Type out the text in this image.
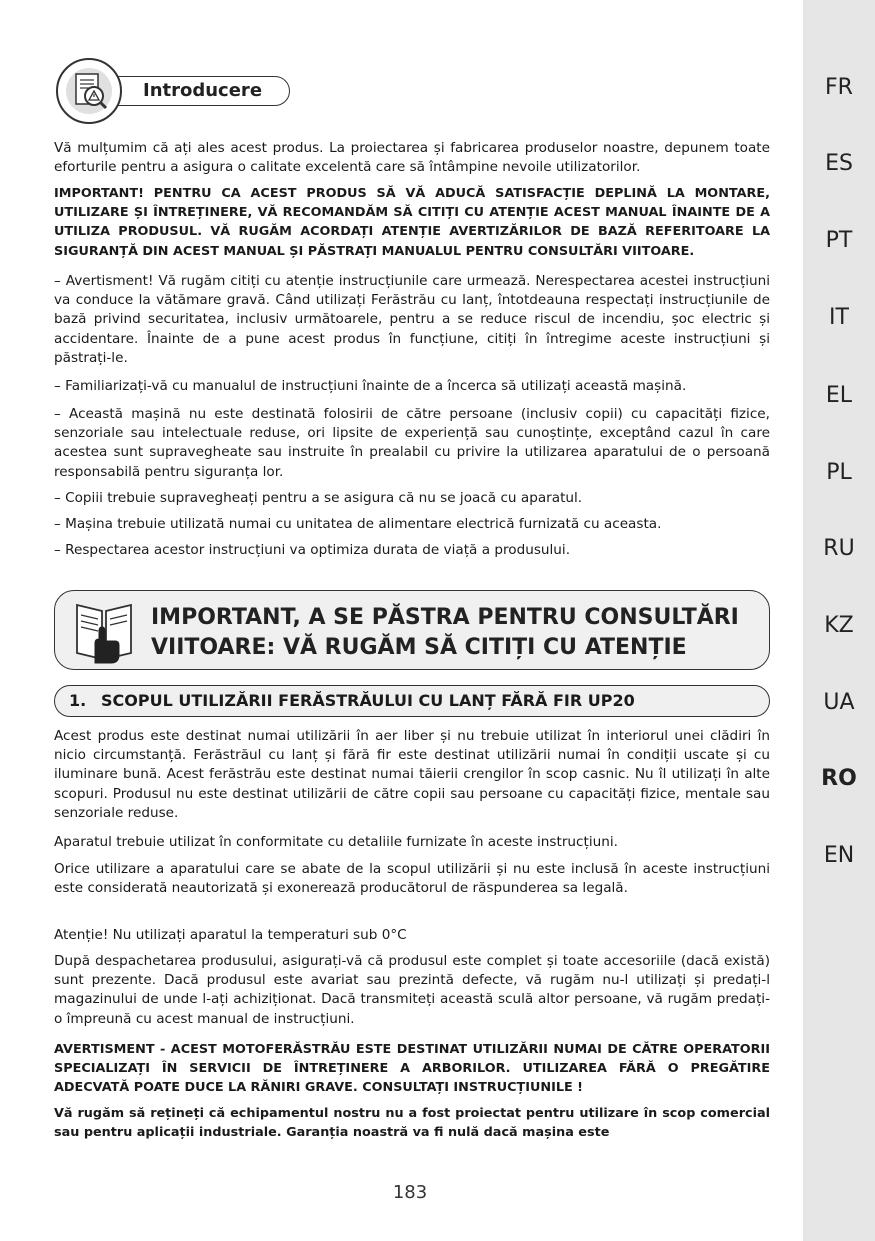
FR
ES
PT
IT
EL
PL
RU
KZ
UA
RO
EN
Introducere

Vă mulțumim că ați ales acest produs. La proiectarea și fabricarea produselor noastre, depunem toate eforturile pentru a asigura o calitate excelentă care să întâmpine nevoile utilizatorilor.

IMPORTANT! PENTRU CA ACEST PRODUS SĂ VĂ ADUCĂ SATISFACȚIE DEPLINĂ LA MONTARE, UTILIZARE ȘI ÎNTREȚINERE, VĂ RECOMANDĂM SĂ CITIȚI CU ATENȚIE ACEST MANUAL ÎNAINTE DE A UTILIZA PRODUSUL. VĂ RUGĂM ACORDAȚI ATENȚIE AVERTIZĂRILOR DE BAZĂ REFERITOARE LA SIGURANȚĂ DIN ACEST MANUAL ȘI PĂSTRAȚI MANUALUL PENTRU CONSULTĂRI VIITOARE.

– Avertisment! Vă rugăm citiți cu atenție instrucțiunile care urmează. Nerespectarea acestei instrucțiuni va conduce la vătămare gravă. Când utilizați Ferăstrău cu lanț, întotdeauna respectați instrucțiunile de bază privind securitatea, inclusiv următoarele, pentru a se reduce riscul de incendiu, șoc electric și accidentare. Înainte de a pune acest produs în funcțiune, citiți în întregime aceste instrucțiuni și păstrați-le.

– Familiarizați-vă cu manualul de instrucțiuni înainte de a încerca să utilizați această mașină.

– Această mașină nu este destinată folosirii de către persoane (inclusiv copii) cu capacități fizice, senzoriale sau intelectuale reduse, ori lipsite de experiență sau cunoștințe, exceptând cazul în care acestea sunt supravegheate sau instruite în prealabil cu privire la utilizarea aparatului de o persoană responsabilă pentru siguranța lor.

– Copiii trebuie supravegheați pentru a se asigura că nu se joacă cu aparatul.

– Mașina trebuie utilizată numai cu unitatea de alimentare electrică furnizată cu aceasta.

– Respectarea acestor instrucțiuni va optimiza durata de viață a produsului.

IMPORTANT, A SE PĂSTRA PENTRU CONSULTĂRI
VIITOARE: VĂ RUGĂM SĂ CITIȚI CU ATENȚIE
1. SCOPUL UTILIZĂRII FERĂSTRĂULUI CU LANȚ FĂRĂ FIR UP20

Acest produs este destinat numai utilizării în aer liber și nu trebuie utilizat în interiorul unei clădiri în nicio circumstanță. Ferăstrăul cu lanț și fără fir este destinat utilizării numai în condiții uscate și cu iluminare bună. Acest ferăstrău este destinat numai tăierii crengilor în scop casnic. Nu îl utilizați în alte scopuri. Produsul nu este destinat utilizării de către copii sau persoane cu capacități fizice, mentale sau senzoriale reduse.

Aparatul trebuie utilizat în conformitate cu detaliile furnizate în aceste instrucțiuni.

Orice utilizare a aparatului care se abate de la scopul utilizării și nu este inclusă în aceste instrucțiuni este considerată neautorizată și exonerează producătorul de răspunderea sa legală.

Atenție! Nu utilizați aparatul la temperaturi sub 0°C

După despachetarea produsului, asigurați-vă că produsul este complet și toate accesoriile (dacă există) sunt prezente. Dacă produsul este avariat sau prezintă defecte, vă rugăm nu-l utilizați și predați-l magazinului de unde l-ați achiziționat. Dacă transmiteți această sculă altor persoane, vă rugăm predați-o împreună cu acest manual de instrucțiuni.

AVERTISMENT - ACEST MOTOFERĂSTRĂU ESTE DESTINAT UTILIZĂRII NUMAI DE CĂTRE OPERATORII SPECIALIZAȚI ÎN SERVICII DE ÎNTREȚINERE A ARBORILOR. UTILIZAREA FĂRĂ O PREGĂTIRE ADECVATĂ POATE DUCE LA RĂNIRI GRAVE. CONSULTAȚI INSTRUCȚIUNILE !

Vă rugăm să rețineți că echipamentul nostru nu a fost proiectat pentru utilizare în scop comercial sau pentru aplicații industriale. Garanția noastră va fi nulă dacă mașina este

183
